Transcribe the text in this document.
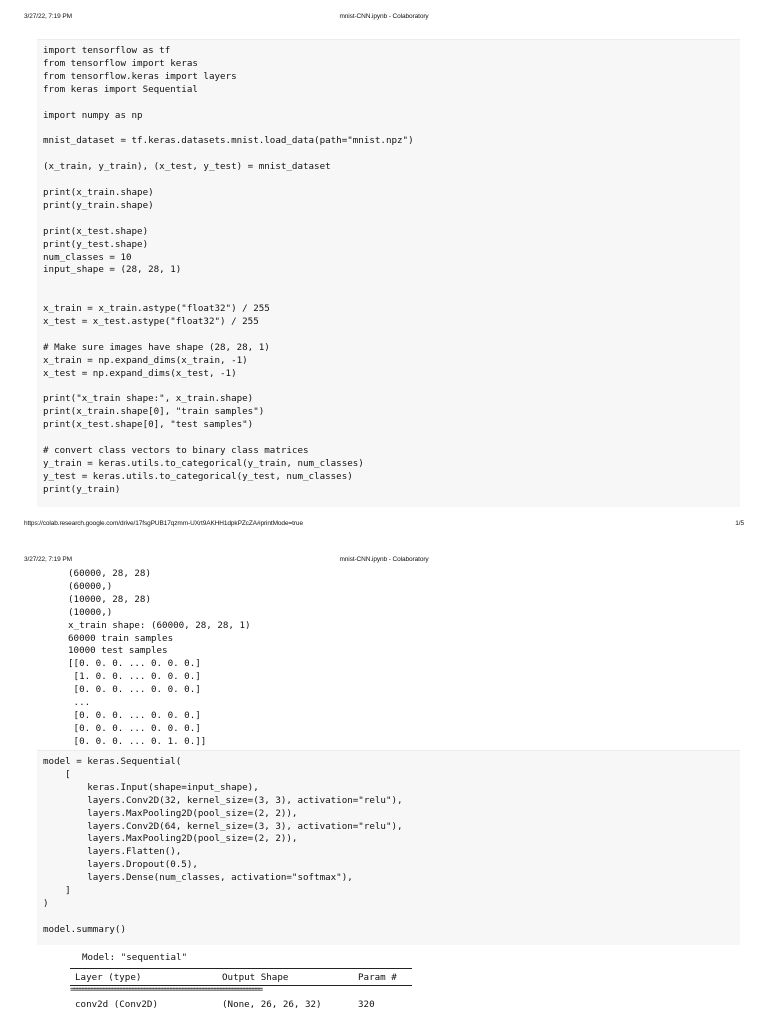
3/27/22, 7:19 PM	mnist-CNN.ipynb - Colaboratory
import tensorflow as tf
from tensorflow import keras
from tensorflow.keras import layers
from keras import Sequential

import numpy as np

mnist_dataset = tf.keras.datasets.mnist.load_data(path="mnist.npz")

(x_train, y_train), (x_test, y_test) = mnist_dataset

print(x_train.shape)
print(y_train.shape)

print(x_test.shape)
print(y_test.shape)
num_classes = 10
input_shape = (28, 28, 1)

x_train = x_train.astype("float32") / 255
x_test = x_test.astype("float32") / 255

# Make sure images have shape (28, 28, 1)
x_train = np.expand_dims(x_train, -1)
x_test = np.expand_dims(x_test, -1)

print("x_train shape:", x_train.shape)
print(x_train.shape[0], "train samples")
print(x_test.shape[0], "test samples")

# convert class vectors to binary class matrices
y_train = keras.utils.to_categorical(y_train, num_classes)
y_test = keras.utils.to_categorical(y_test, num_classes)
print(y_train)
https://colab.research.google.com/drive/17fsgPUB17qzmm-UXrt9AKHH1dpkPZcZA#printMode=true	1/5
3/27/22, 7:19 PM	mnist-CNN.ipynb - Colaboratory
(60000, 28, 28)
(60000,)
(10000, 28, 28)
(10000,)
x_train shape: (60000, 28, 28, 1)
60000 train samples
10000 test samples
[[0. 0. 0. ... 0. 0. 0.]
[1. 0. 0. ... 0. 0. 0.]
[0. 0. 0. ... 0. 0. 0.]
...
[0. 0. 0. ... 0. 0. 0.]
[0. 0. 0. ... 0. 0. 0.]
[0. 0. 0. ... 0. 1. 0.]]
model = keras.Sequential(
[
keras.Input(shape=input_shape),
layers.Conv2D(32, kernel_size=(3, 3), activation="relu"),
layers.MaxPooling2D(pool_size=(2, 2)),
layers.Conv2D(64, kernel_size=(3, 3), activation="relu"),
layers.MaxPooling2D(pool_size=(2, 2)),
layers.Flatten(),
layers.Dropout(0.5),
layers.Dense(num_classes, activation="softmax"),
]
)

model.summary()
Model: "sequential"
Layer (type)	Output Shape	Param #
=================================================================
conv2d (Conv2D)	(None, 26, 26, 32)	320
